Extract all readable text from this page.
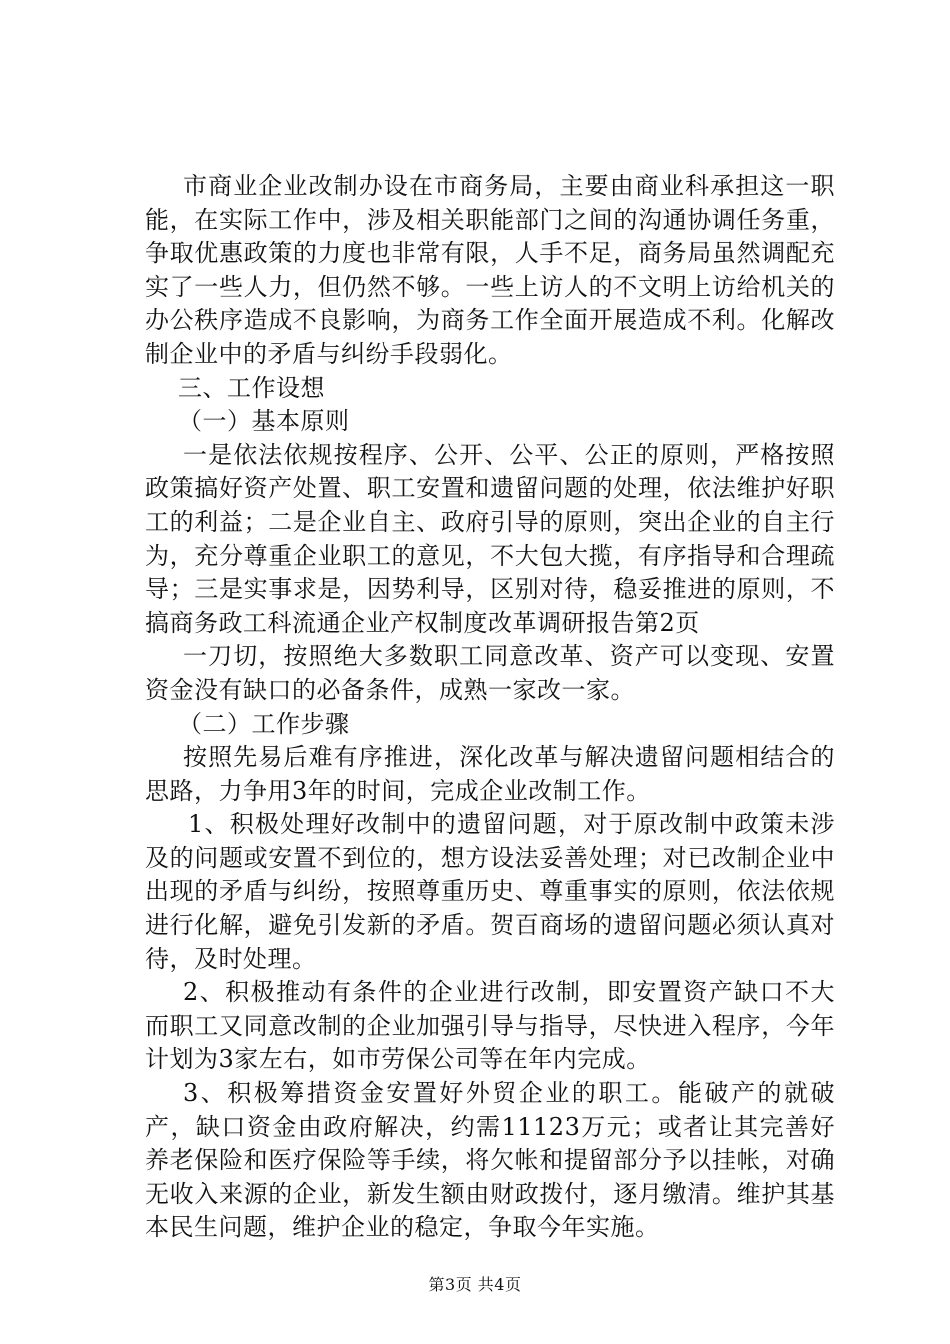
市商业企业改制办设在市商务局，主要由商业科承担这一职能，在实际工作中，涉及相关职能部门之间的沟通协调任务重，争取优惠政策的力度也非常有限，人手不足，商务局虽然调配充实了一些人力，但仍然不够。一些上访人的不文明上访给机关的办公秩序造成不良影响，为商务工作全面开展造成不利。化解改制企业中的矛盾与纠纷手段弱化。

三、工作设想

（一）基本原则

一是依法依规按程序、公开、公平、公正的原则，严格按照政策搞好资产处置、职工安置和遗留问题的处理，依法维护好职工的利益；二是企业自主、政府引导的原则，突出企业的自主行为，充分尊重企业职工的意见，不大包大揽，有序指导和合理疏导；三是实事求是，因势利导，区别对待，稳妥推进的原则，不搞商务政工科流通企业产权制度改革调研报告第2页

一刀切，按照绝大多数职工同意改革、资产可以变现、安置资金没有缺口的必备条件，成熟一家改一家。

（二）工作步骤

按照先易后难有序推进，深化改革与解决遗留问题相结合的思路，力争用3年的时间，完成企业改制工作。

1、积极处理好改制中的遗留问题，对于原改制中政策未涉及的问题或安置不到位的，想方设法妥善处理；对已改制企业中出现的矛盾与纠纷，按照尊重历史、尊重事实的原则，依法依规进行化解，避免引发新的矛盾。贺百商场的遗留问题必须认真对待，及时处理。

2、积极推动有条件的企业进行改制，即安置资产缺口不大而职工又同意改制的企业加强引导与指导，尽快进入程序，今年计划为3家左右，如市劳保公司等在年内完成。

3、积极筹措资金安置好外贸企业的职工。能破产的就破产，缺口资金由政府解决，约需11123万元；或者让其完善好养老保险和医疗保险等手续，将欠帐和提留部分予以挂帐，对确无收入来源的企业，新发生额由财政拨付，逐月缴清。维护其基本民生问题，维护企业的稳定，争取今年实施。

第3页 共4页
